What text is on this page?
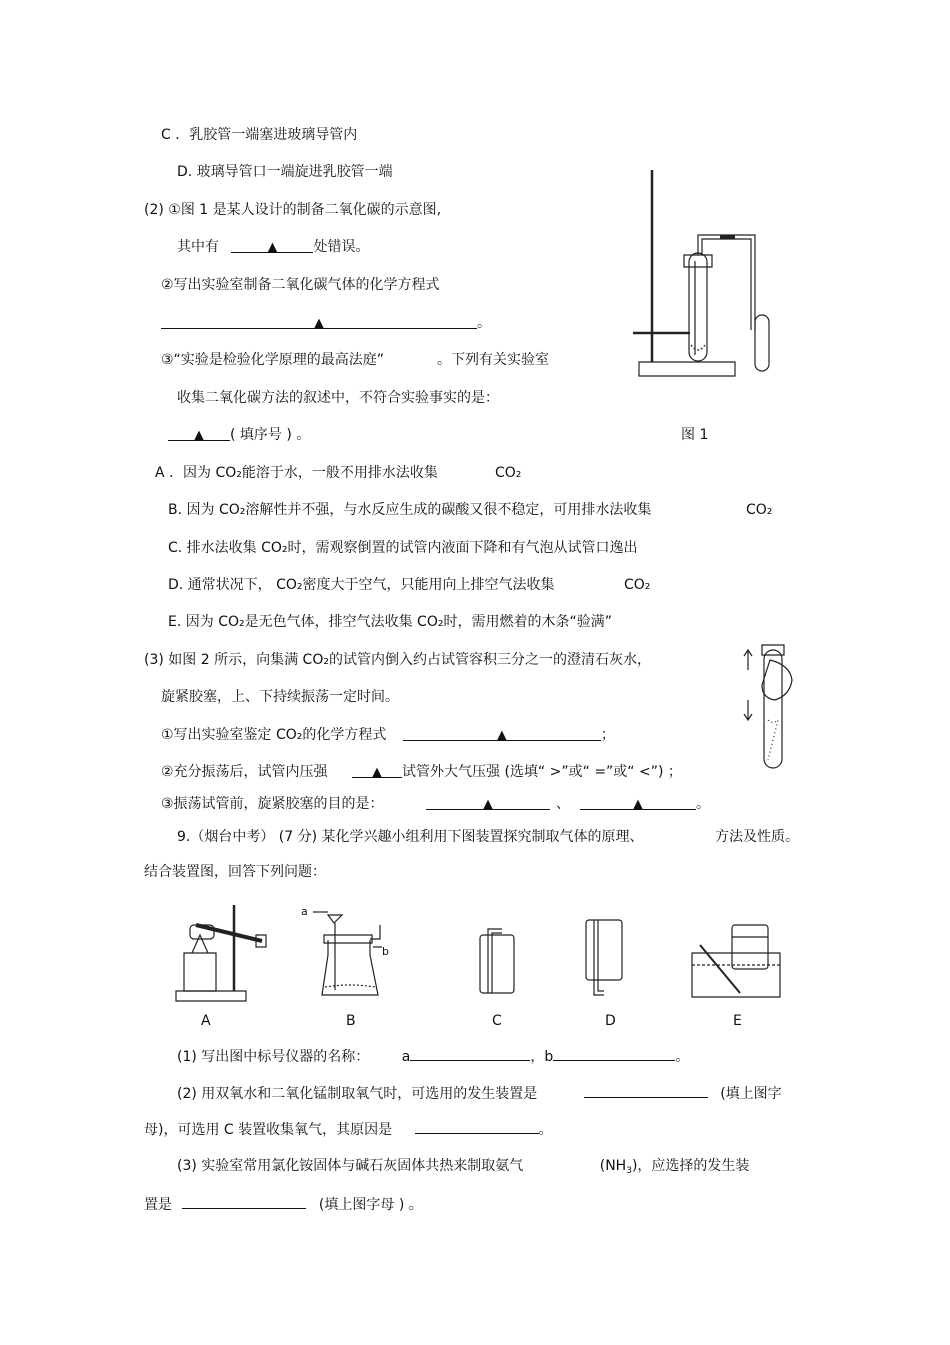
C ．乳胶管一端塞进玻璃导管内
D. 玻璃导管口一端旋进乳胶管一端
(2) ①图 1 是某人设计的制备二氧化碳的示意图,
其中有	▲	处错误。
②写出实验室制备二氧化碳气体的化学方程式
▲	。
③“实验是检验化学原理的最高法庭”	。下列有关实验室
收集二氧化碳方法的叙述中，不符合实验事实的是：
▲ ( 填序号 ) 。	图 1
A ．因为 CO₂能溶于水，一般不用排水法收集	CO₂
B. 因为 CO₂溶解性并不强，与水反应生成的碳酸又很不稳定，可用排水法收集	CO₂
C. 排水法收集 CO₂时，需观察倒置的试管内液面下降和有气泡从试管口逸出
D. 通常状况下， CO₂密度大于空气，只能用向上排空气法收集	CO₂
E. 因为 CO₂是无色气体，排空气法收集 CO₂时，需用燃着的木条“验满”
(3) 如图 2 所示，向集满 CO₂的试管内倒入约占试管容积三分之一的澄清石灰水，
旋紧胶塞，上、下持续振荡一定时间。
①写出实验室鉴定 CO₂的化学方程式	▲	；
②充分振荡后，试管内压强	▲ 试管外大气压强 (选填“ >”或“ =”或“ <”) ；
③振荡试管前，旋紧胶塞的目的是：	▲	、	▲	。
9.（烟台中考） (7 分) 某化学兴趣小组利用下图装置探究制取气体的原理、	方法及性质。
结合装置图，回答下列问题：
A	B	C	D	E
a
b
(1) 写出图中标号仪器的名称： a	，b	。
(2) 用双氧水和二氧化锰制取氧气时，可选用的发生装置是	(填上图字
母)，可选用 C 装置收集氧气，其原因是	。
(3) 实验室常用氯化铵固体与碱石灰固体共热来制取氨气	$(NH_3)$，应选择的发生装
置是	(填上图字母 ) 。
